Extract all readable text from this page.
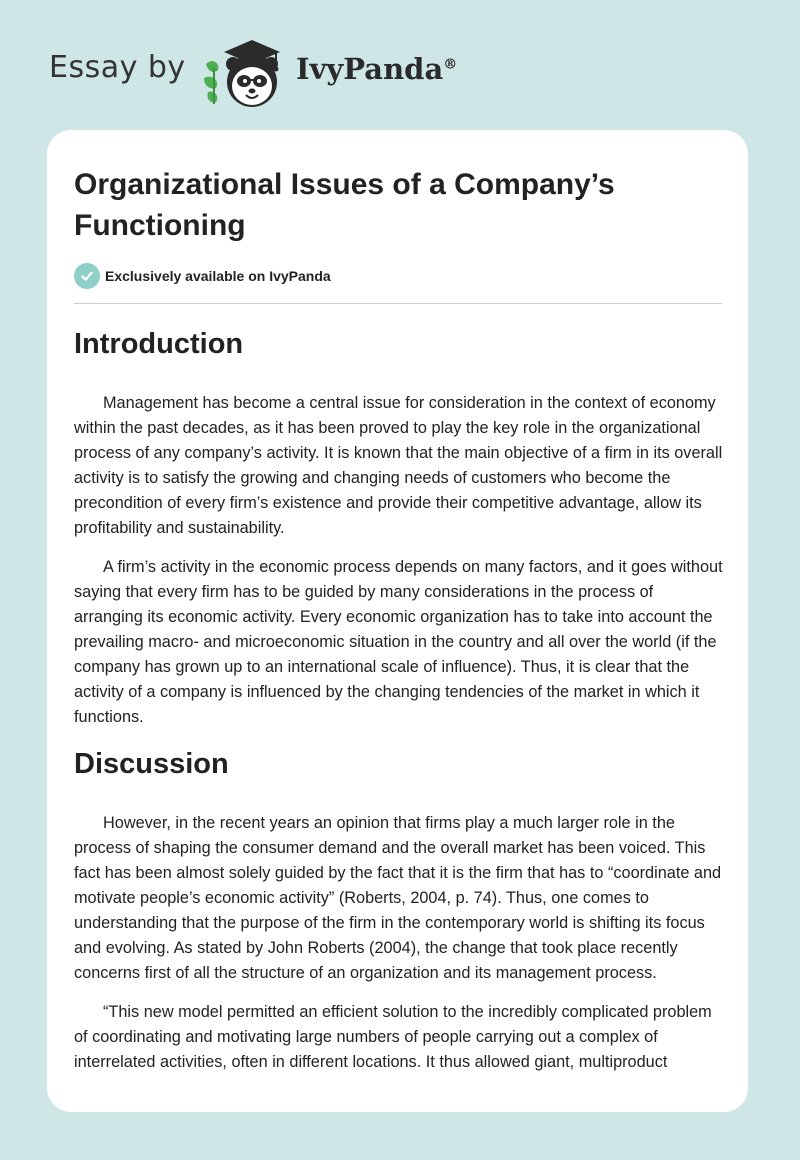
Essay by	IvyPanda®
Organizational Issues of a Company’s Functioning
Exclusively available on IvyPanda
Introduction

Management has become a central issue for consideration in the context of economy within the past decades, as it has been proved to play the key role in the organizational process of any company’s activity. It is known that the main objective of a firm in its overall activity is to satisfy the growing and changing needs of customers who become the precondition of every firm’s existence and provide their competitive advantage, allow its profitability and sustainability.

A firm’s activity in the economic process depends on many factors, and it goes without saying that every firm has to be guided by many considerations in the process of arranging its economic activity. Every economic organization has to take into account the prevailing macro- and microeconomic situation in the country and all over the world (if the company has grown up to an international scale of influence). Thus, it is clear that the activity of a company is influenced by the changing tendencies of the market in which it functions.

Discussion

However, in the recent years an opinion that firms play a much larger role in the process of shaping the consumer demand and the overall market has been voiced. This fact has been almost solely guided by the fact that it is the firm that has to “coordinate and motivate people’s economic activity” (Roberts, 2004, p. 74). Thus, one comes to understanding that the purpose of the firm in the contemporary world is shifting its focus and evolving. As stated by John Roberts (2004), the change that took place recently concerns first of all the structure of an organization and its management process.

“This new model permitted an efficient solution to the incredibly complicated problem of coordinating and motivating large numbers of people carrying out a complex of interrelated activities, often in different locations. It thus allowed giant, multiproduct
